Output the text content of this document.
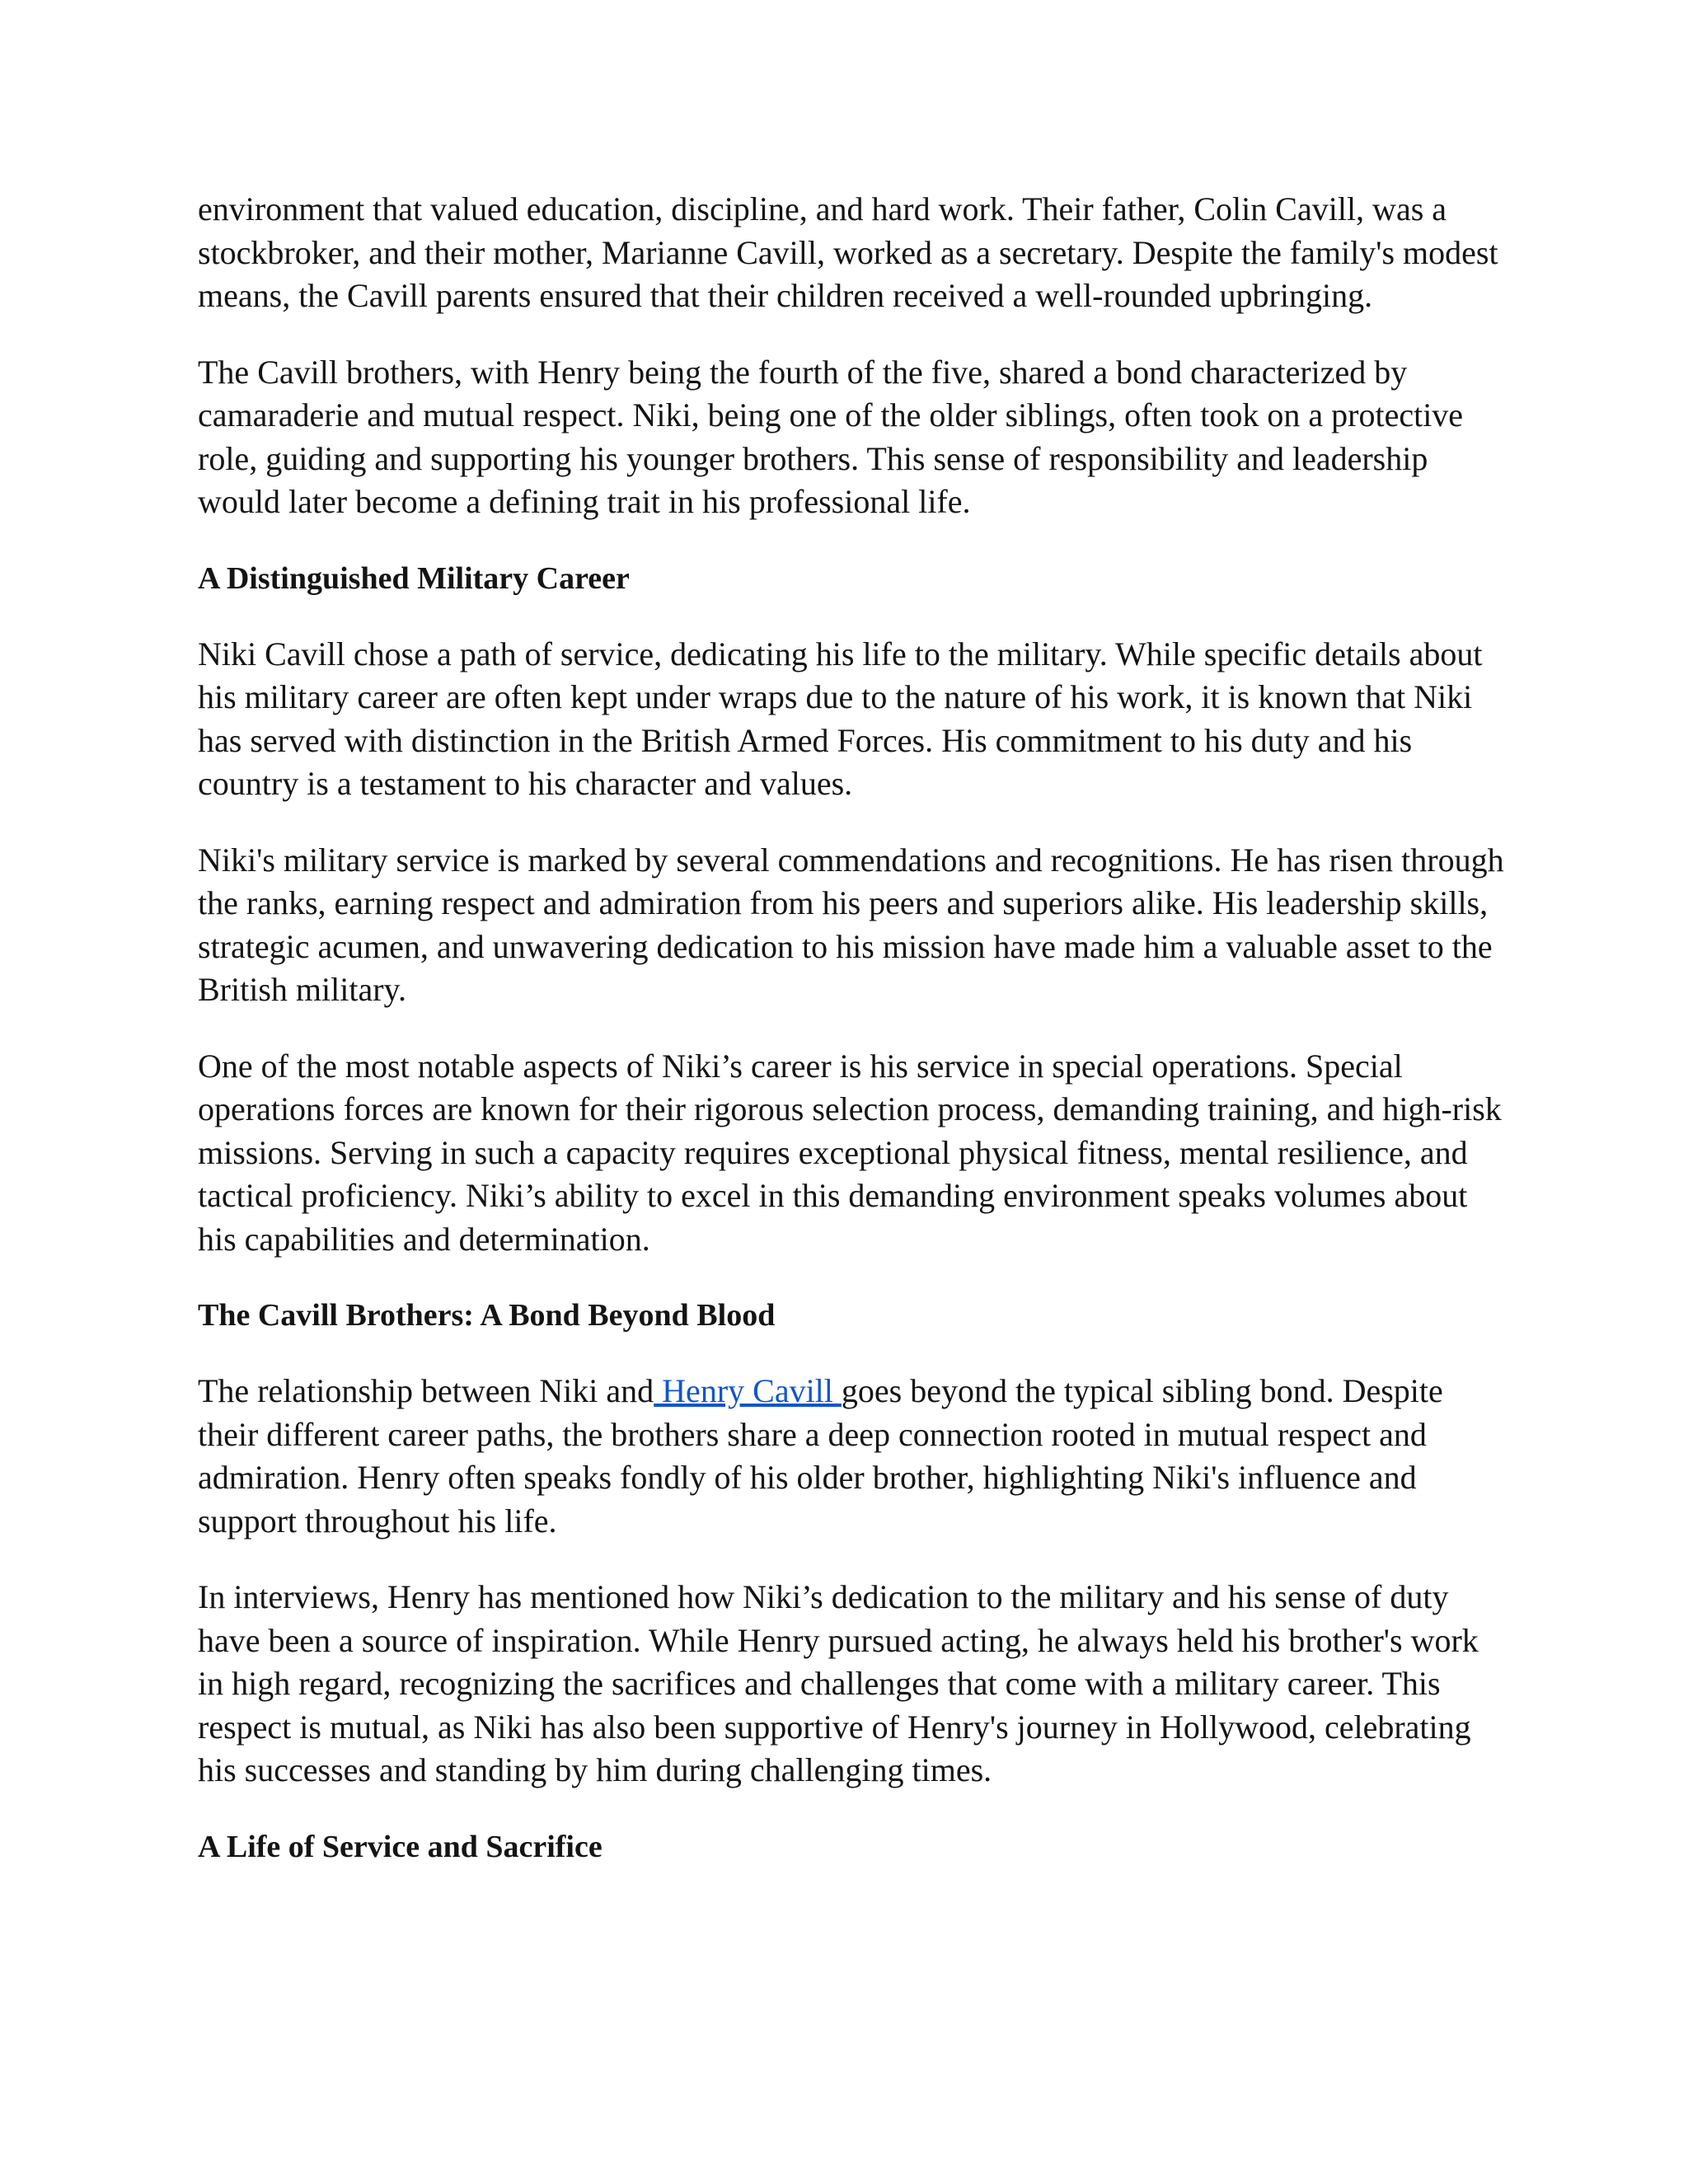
environment that valued education, discipline, and hard work. Their father, Colin Cavill, was a stockbroker, and their mother, Marianne Cavill, worked as a secretary. Despite the family's modest means, the Cavill parents ensured that their children received a well-rounded upbringing.

The Cavill brothers, with Henry being the fourth of the five, shared a bond characterized by camaraderie and mutual respect. Niki, being one of the older siblings, often took on a protective role, guiding and supporting his younger brothers. This sense of responsibility and leadership would later become a defining trait in his professional life.

A Distinguished Military Career

Niki Cavill chose a path of service, dedicating his life to the military. While specific details about his military career are often kept under wraps due to the nature of his work, it is known that Niki has served with distinction in the British Armed Forces. His commitment to his duty and his country is a testament to his character and values.

Niki's military service is marked by several commendations and recognitions. He has risen through the ranks, earning respect and admiration from his peers and superiors alike. His leadership skills, strategic acumen, and unwavering dedication to his mission have made him a valuable asset to the British military.

One of the most notable aspects of Niki’s career is his service in special operations. Special operations forces are known for their rigorous selection process, demanding training, and high-risk missions. Serving in such a capacity requires exceptional physical fitness, mental resilience, and tactical proficiency. Niki’s ability to excel in this demanding environment speaks volumes about his capabilities and determination.

The Cavill Brothers: A Bond Beyond Blood

The relationship between Niki and Henry Cavill goes beyond the typical sibling bond. Despite their different career paths, the brothers share a deep connection rooted in mutual respect and admiration. Henry often speaks fondly of his older brother, highlighting Niki's influence and support throughout his life.

In interviews, Henry has mentioned how Niki’s dedication to the military and his sense of duty have been a source of inspiration. While Henry pursued acting, he always held his brother's work in high regard, recognizing the sacrifices and challenges that come with a military career. This respect is mutual, as Niki has also been supportive of Henry's journey in Hollywood, celebrating his successes and standing by him during challenging times.

A Life of Service and Sacrifice
